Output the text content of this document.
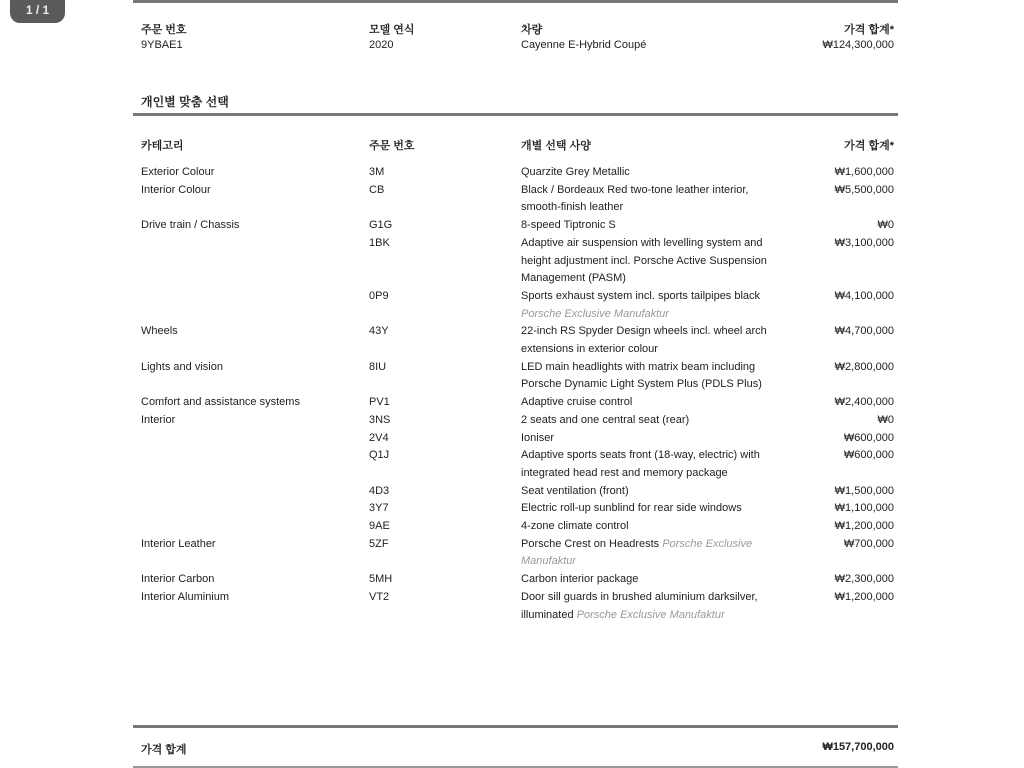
1 / 1
주문 번호	모델 연식	차량	가격 합계*
9YBAE1	2020	Cayenne E-Hybrid Coupé	₩124,300,000
개인별 맞춤 선택
카테고리	주문 번호	개별 선택 사양	가격 합계*
Exterior Colour	3M	Quarzite Grey Metallic	₩1,600,000
Interior Colour	CB	Black / Bordeaux Red two-tone leather interior, smooth-finish leather	₩5,500,000
Drive train / Chassis	G1G	8-speed Tiptronic S	₩0
	1BK	Adaptive air suspension with levelling system and height adjustment incl. Porsche Active Suspension Management (PASM)	₩3,100,000
	0P9	Sports exhaust system incl. sports tailpipes black Porsche Exclusive Manufaktur	₩4,100,000
Wheels	43Y	22-inch RS Spyder Design wheels incl. wheel arch extensions in exterior colour	₩4,700,000
Lights and vision	8IU	LED main headlights with matrix beam including Porsche Dynamic Light System Plus (PDLS Plus)	₩2,800,000
Comfort and assistance systems	PV1	Adaptive cruise control	₩2,400,000
Interior	3NS	2 seats and one central seat (rear)	₩0
	2V4	Ioniser	₩600,000
	Q1J	Adaptive sports seats front (18-way, electric) with integrated head rest and memory package	₩600,000
	4D3	Seat ventilation (front)	₩1,500,000
	3Y7	Electric roll-up sunblind for rear side windows	₩1,100,000
	9AE	4-zone climate control	₩1,200,000
Interior Leather	5ZF	Porsche Crest on Headrests Porsche Exclusive Manufaktur	₩700,000
Interior Carbon	5MH	Carbon interior package	₩2,300,000
Interior Aluminium	VT2	Door sill guards in brushed aluminium darksilver, illuminated Porsche Exclusive Manufaktur	₩1,200,000
가격 합계	₩157,700,000
